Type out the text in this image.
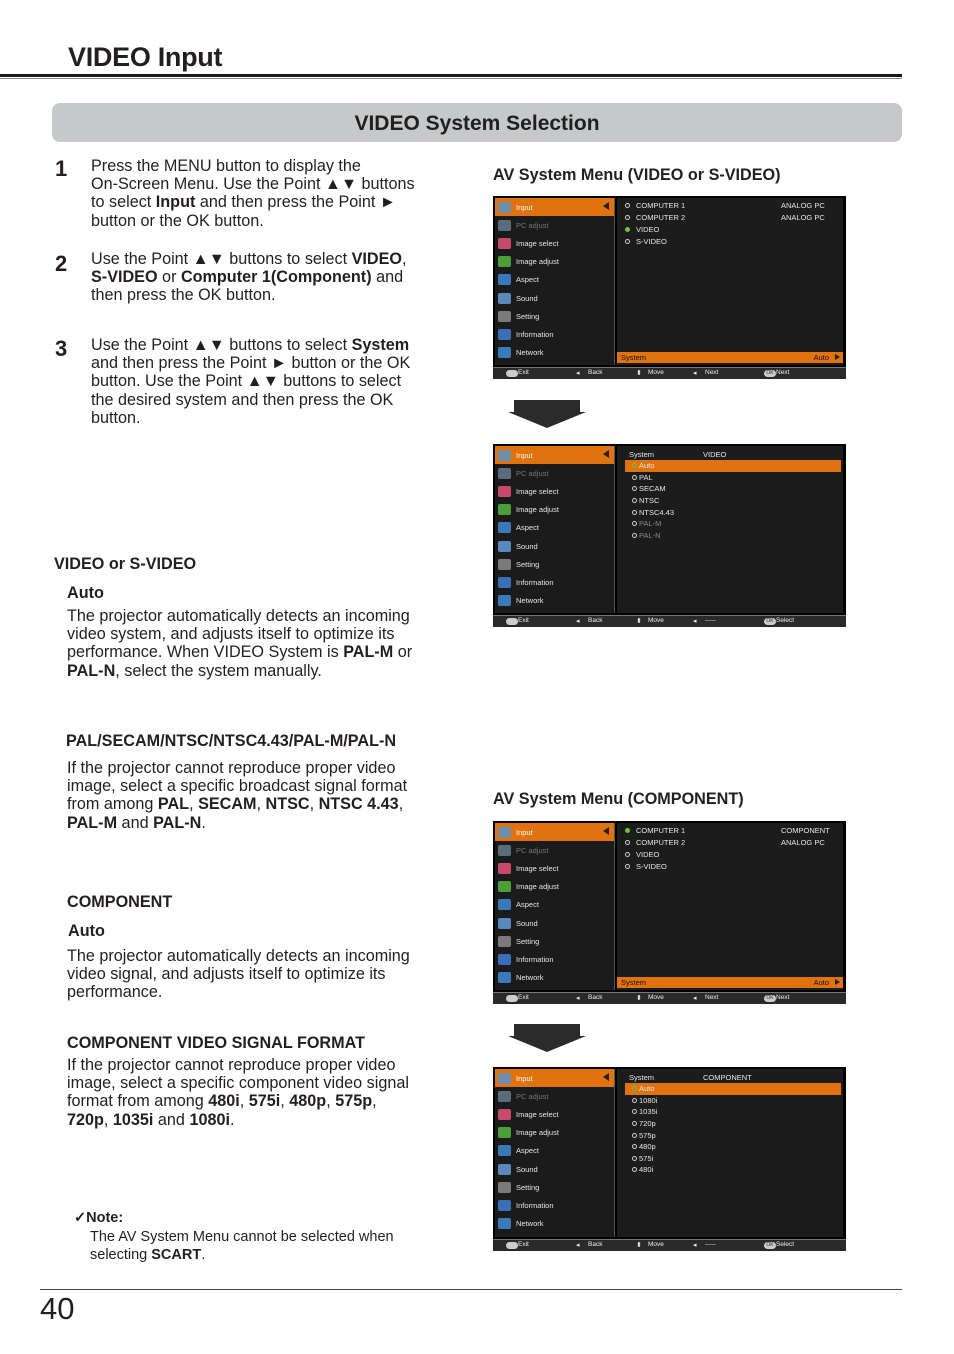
VIDEO Input
VIDEO System Selection
1 Press the MENU button to display the
On-Screen Menu. Use the Point ▲▼ buttons
to select Input and then press the Point ►
button or the OK button.
2 Use the Point ▲▼ buttons to select VIDEO,
S-VIDEO or Computer 1(Component) and
then press the OK button.
3 Use the Point ▲▼ buttons to select System
and then press the Point ► button or the OK
button. Use the Point ▲▼ buttons to select
the desired system and then press the OK
button.
VIDEO or S-VIDEO
Auto
The projector automatically detects an incoming
video system, and adjusts itself to optimize its
performance. When VIDEO System is PAL-M or
PAL-N, select the system manually.
PAL/SECAM/NTSC/NTSC4.43/PAL-M/PAL-N
If the projector cannot reproduce proper video
image, select a specific broadcast signal format
from among PAL, SECAM, NTSC, NTSC 4.43,
PAL-M and PAL-N.
COMPONENT
Auto
The projector automatically detects an incoming
video signal, and adjusts itself to optimize its
performance.
COMPONENT VIDEO SIGNAL FORMAT
If the projector cannot reproduce proper video
image, select a specific component video signal
format from among 480i, 575i, 480p, 575p,
720p, 1035i and 1080i.
✓Note:
The AV System Menu cannot be selected when
selecting SCART.
40
AV System Menu (VIDEO or S-VIDEO)
AV System Menu (COMPONENT)
Input
PC adjust
Image select
Image adjust
Aspect
Sound
Setting
Information
Network
COMPUTER 1	ANALOG PC
COMPUTER 2	ANALOG PC
VIDEO
S-VIDEO
System	Auto
Exit	◂ Back	⬍ Move	◂ Next	OK Next
Input
PC adjust
Image select
Image adjust
Aspect
Sound
Setting
Information
Network
System	VIDEO
Auto
PAL
SECAM
NTSC
NTSC4.43
PAL-M
PAL-N
Exit	◂ Back	⬍ Move	◂ -----	OK Select
Input
PC adjust
Image select
Image adjust
Aspect
Sound
Setting
Information
Network
COMPUTER 1	COMPONENT
COMPUTER 2	ANALOG PC
VIDEO
S-VIDEO
System	Auto
Exit	◂ Back	⬍ Move	◂ Next	OK Next
Input
PC adjust
Image select
Image adjust
Aspect
Sound
Setting
Information
Network
System	COMPONENT
Auto
1080i
1035i
720p
575p
480p
575i
480i
Exit	◂ Back	⬍ Move	◂ -----	OK Select
